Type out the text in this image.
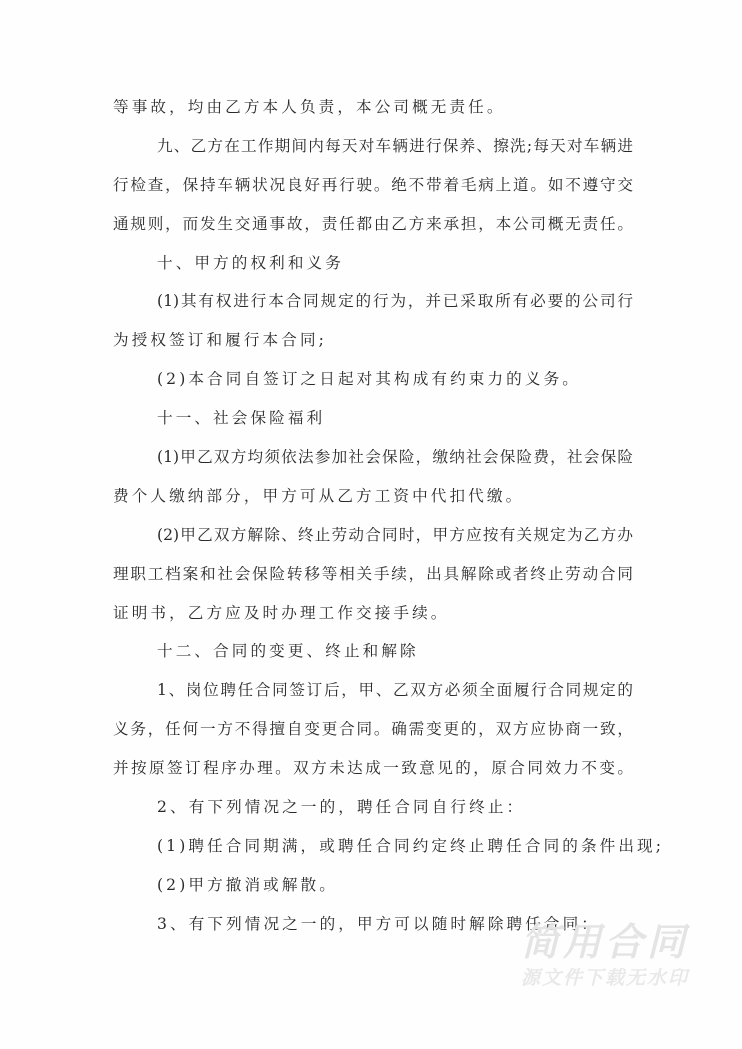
等事故，均由乙方本人负责，本公司概无责任。
九、乙方在工作期间内每天对车辆进行保养、擦洗;每天对车辆进
行检查，保持车辆状况良好再行驶。绝不带着毛病上道。如不遵守交
通规则，而发生交通事故，责任都由乙方来承担，本公司概无责任。
十、甲方的权利和义务
(1)其有权进行本合同规定的行为，并已采取所有必要的公司行
为授权签订和履行本合同;
(2)本合同自签订之日起对其构成有约束力的义务。
十一、社会保险福利
(1)甲乙双方均须依法参加社会保险，缴纳社会保险费，社会保险
费个人缴纳部分，甲方可从乙方工资中代扣代缴。
(2)甲乙双方解除、终止劳动合同时，甲方应按有关规定为乙方办
理职工档案和社会保险转移等相关手续，出具解除或者终止劳动合同
证明书，乙方应及时办理工作交接手续。
十二、合同的变更、终止和解除
1、岗位聘任合同签订后，甲、乙双方必须全面履行合同规定的
义务，任何一方不得擅自变更合同。确需变更的，双方应协商一致，
并按原签订程序办理。双方未达成一致意见的，原合同效力不变。
2、有下列情况之一的，聘任合同自行终止：
(1)聘任合同期满，或聘任合同约定终止聘任合同的条件出现;
(2)甲方撤消或解散。
3、有下列情况之一的，甲方可以随时解除聘任合同：
简用合同
源文件下载无水印
